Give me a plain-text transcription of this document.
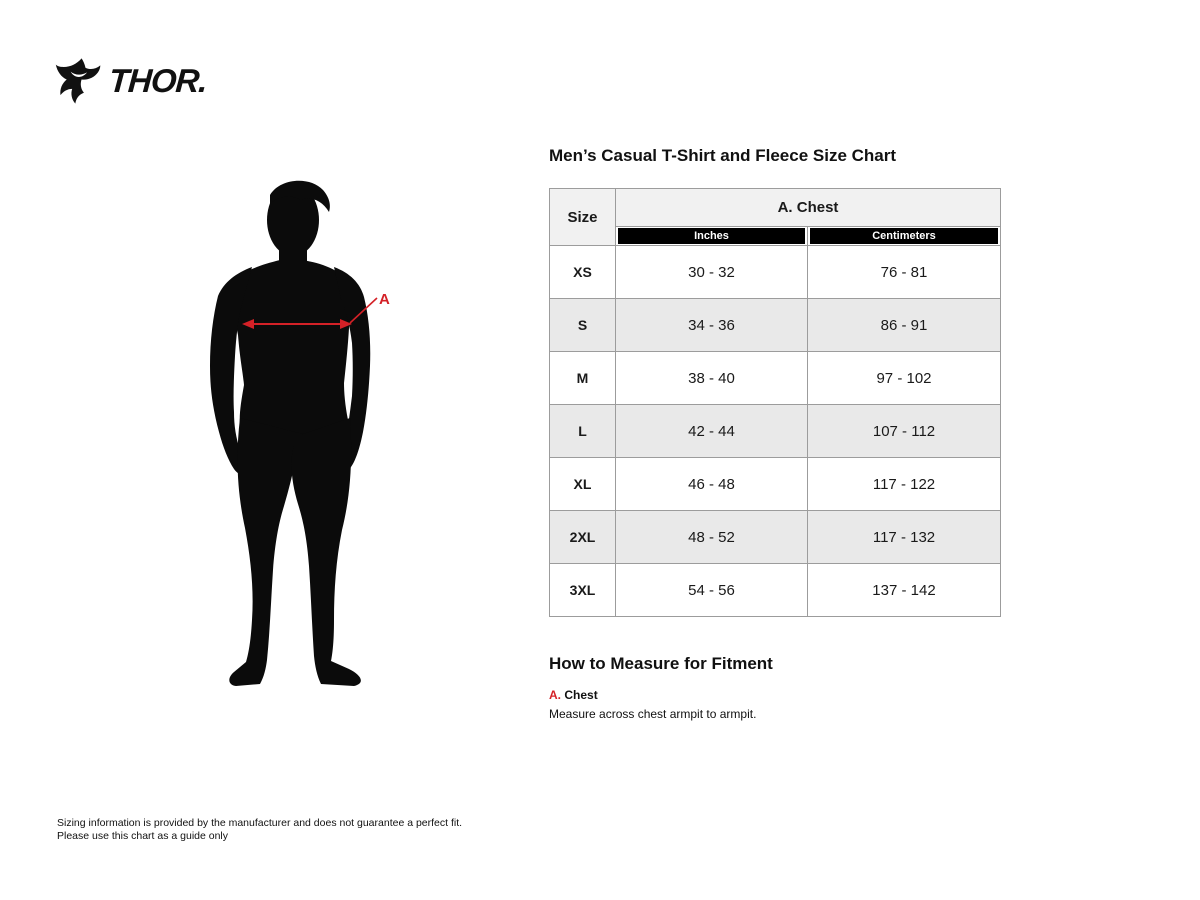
THOR.
A
Men’s Casual T-Shirt and Fleece Size Chart
Size	A. Chest	

	Inches	Centimeters

XS	30 - 32	76 - 81
S	34 - 36	86 - 91
M	38 - 40	97 - 102
L	42 - 44	107 - 112
XL	46 - 48	117 - 122
2XL	48 - 52	117 - 132
3XL	54 - 56	137 - 142
How to Measure for Fitment
A. Chest
Measure across chest armpit to armpit.
Sizing information is provided by the manufacturer and does not guarantee a perfect fit.
Please use this chart as a guide only
